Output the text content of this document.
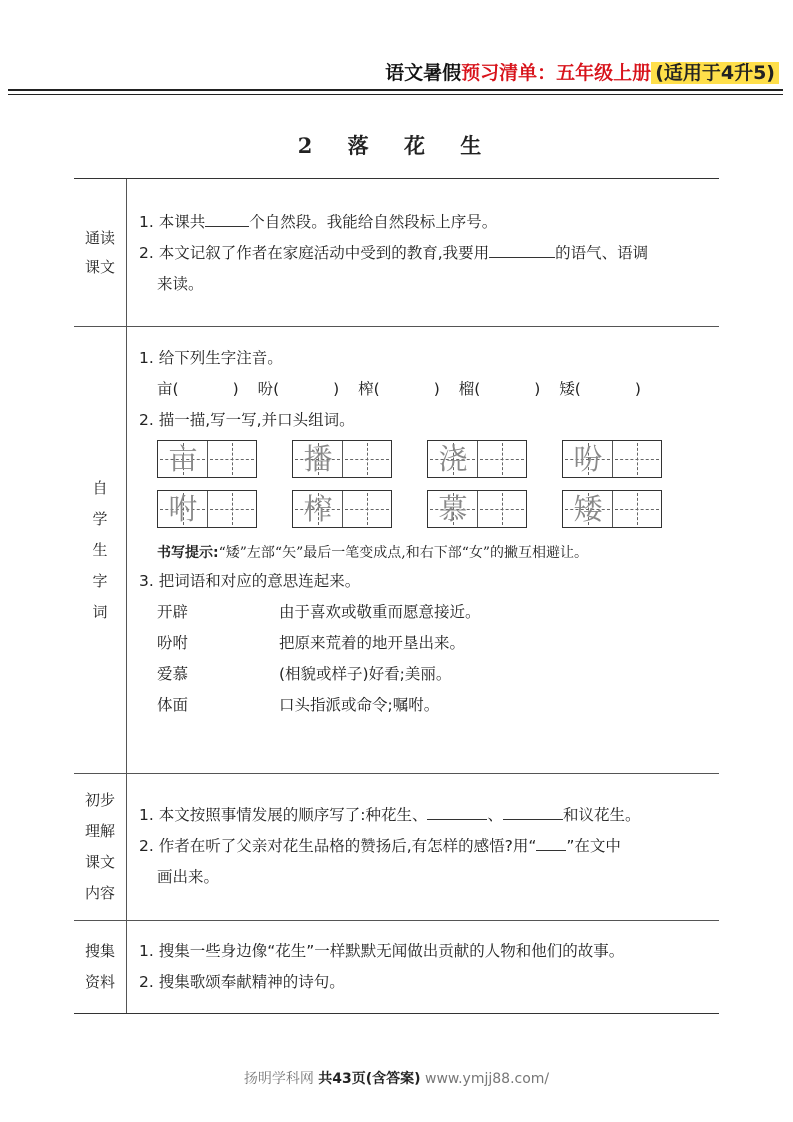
语文暑假预习清单：五年级上册 (适用于4升5)
2 落 花 生
通读
课文
1. 本课共	个自然段。我能给自然段标上序号。
2. 本文记叙了作者在家庭活动中受到的教育,我要用	的语气、语调
来读。
自
学
生
字
词
1. 给下列生字注音。
亩(	) 吩(	) 榨(	) 榴(	) 矮(	)
2. 描一描,写一写,并口头组词。
亩	播	浇	吩
咐	榨	慕	矮
书写提示:“矮”左部“矢”最后一笔变成点,和右下部“女”的撇互相避让。
3. 把词语和对应的意思连起来。
开辟	由于喜欢或敬重而愿意接近。
吩咐	把原来荒着的地开垦出来。
爱慕	(相貌或样子)好看;美丽。
体面	口头指派或命令;嘱咐。
初步
理解
课文
内容
1. 本文按照事情发展的顺序写了:种花生、	、	和议花生。
2. 作者在听了父亲对花生品格的赞扬后,有怎样的感悟?用“ ”在文中
画出来。
搜集
资料
1. 搜集一些身边像“花生”一样默默无闻做出贡献的人物和他们的故事。
2. 搜集歌颂奉献精神的诗句。
扬明学科网 共43页(含答案) www.ymjj88.com/
